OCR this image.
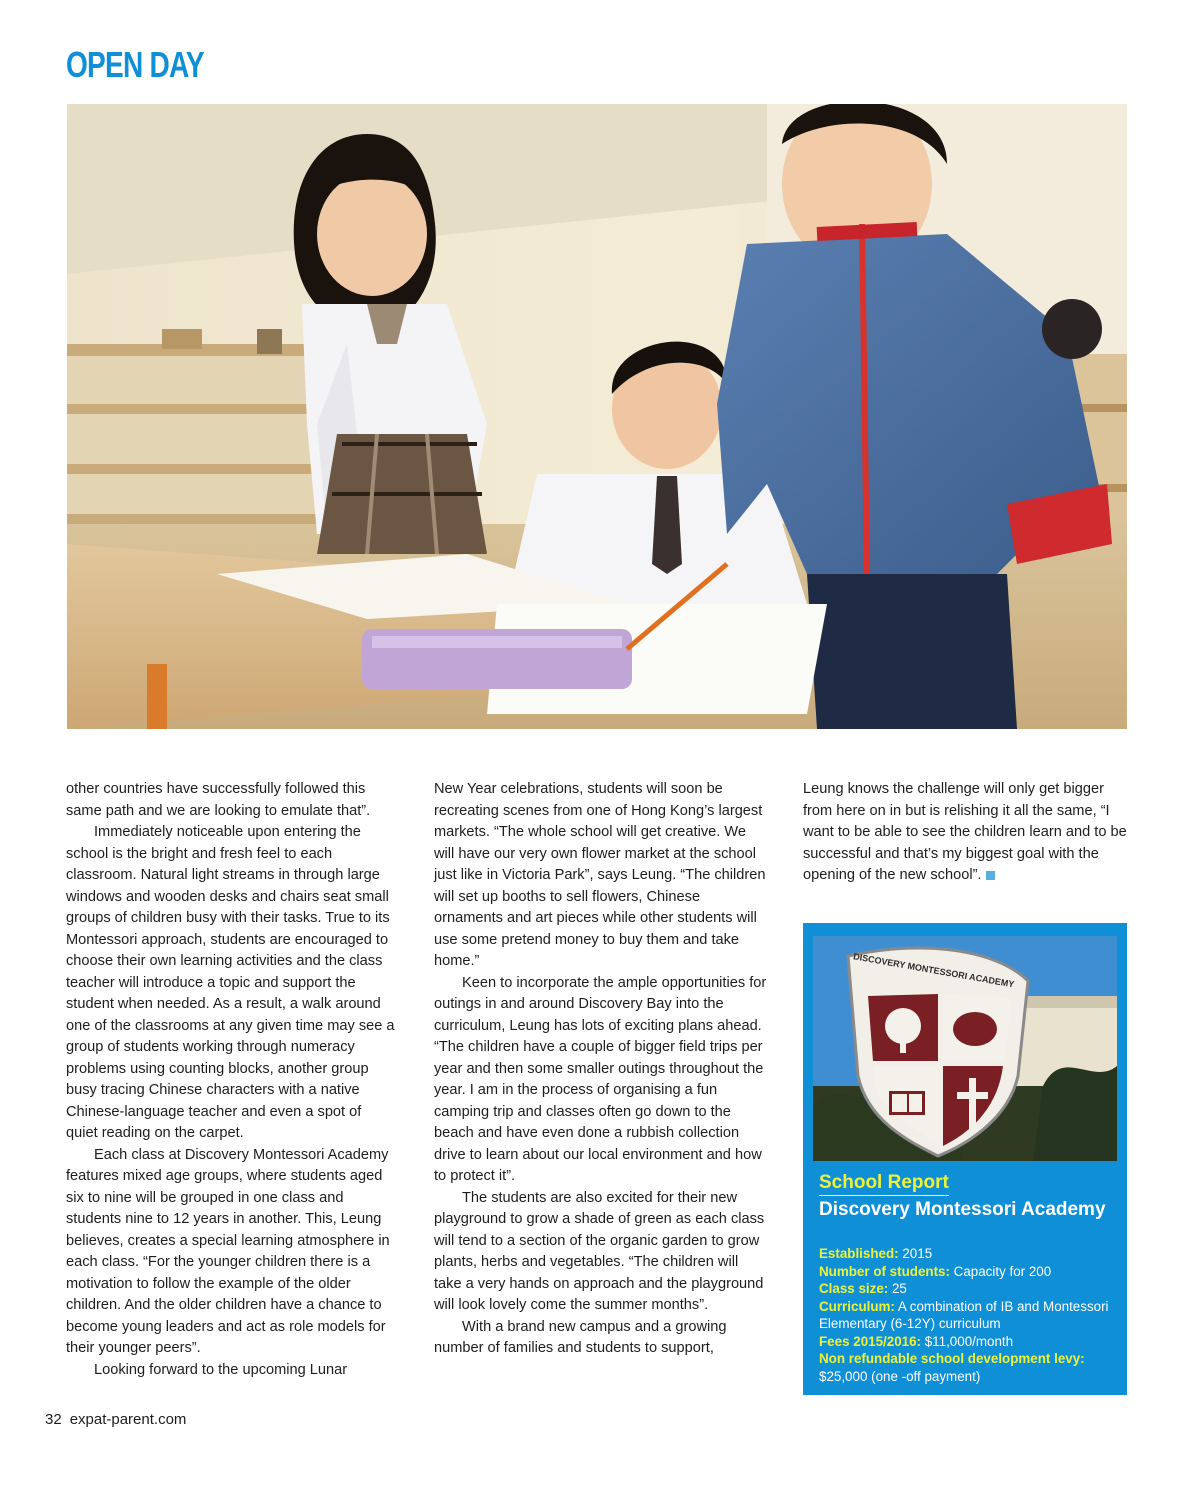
OPEN DAY

other countries have successfully followed this same path and we are looking to emulate that”.

Immediately noticeable upon entering the school is the bright and fresh feel to each classroom. Natural light streams in through large windows and wooden desks and chairs seat small groups of children busy with their tasks. True to its Montessori approach, students are encouraged to choose their own learning activities and the class teacher will introduce a topic and support the student when needed. As a result, a walk around one of the classrooms at any given time may see a group of students working through numeracy problems using counting blocks, another group busy tracing Chinese characters with a native Chinese-language teacher and even a spot of quiet reading on the carpet.

Each class at Discovery Montessori Academy features mixed age groups, where students aged six to nine will be grouped in one class and students nine to 12 years in another. This, Leung believes, creates a special learning atmosphere in each class. “For the younger children there is a motivation to follow the example of the older children. And the older children have a chance to become young leaders and act as role models for their younger peers”.

Looking forward to the upcoming Lunar

New Year celebrations, students will soon be recreating scenes from one of Hong Kong’s largest markets. “The whole school will get creative. We will have our very own flower market at the school just like in Victoria Park”, says Leung. “The children will set up booths to sell flowers, Chinese ornaments and art pieces while other students will use some pretend money to buy them and take home.”

Keen to incorporate the ample opportunities for outings in and around Discovery Bay into the curriculum, Leung has lots of exciting plans ahead. “The children have a couple of bigger field trips per year and then some smaller outings throughout the year. I am in the process of organising a fun camping trip and classes often go down to the beach and have even done a rubbish collection drive to learn about our local environment and how to protect it”.

The students are also excited for their new playground to grow a shade of green as each class will tend to a section of the organic garden to grow plants, herbs and vegetables. “The children will take a very hands on approach and the playground will look lovely come the summer months”.

With a brand new campus and a growing number of families and students to support,

Leung knows the challenge will only get bigger from here on in but is relishing it all the same, “I want to be able to see the children learn and to be successful and that’s my biggest goal with the opening of the new school”.

DISCOVERY MONTESSORI ACADEMY
School Report
Discovery Montessori Academy
Established: 2015
Number of students: Capacity for 200
Class size: 25
Curriculum: A combination of IB and Montessori Elementary (6-12Y) curriculum
Fees 2015/2016: $11,000/month
Non refundable school development levy:
$25,000 (one -off payment)
32 expat-parent.com
